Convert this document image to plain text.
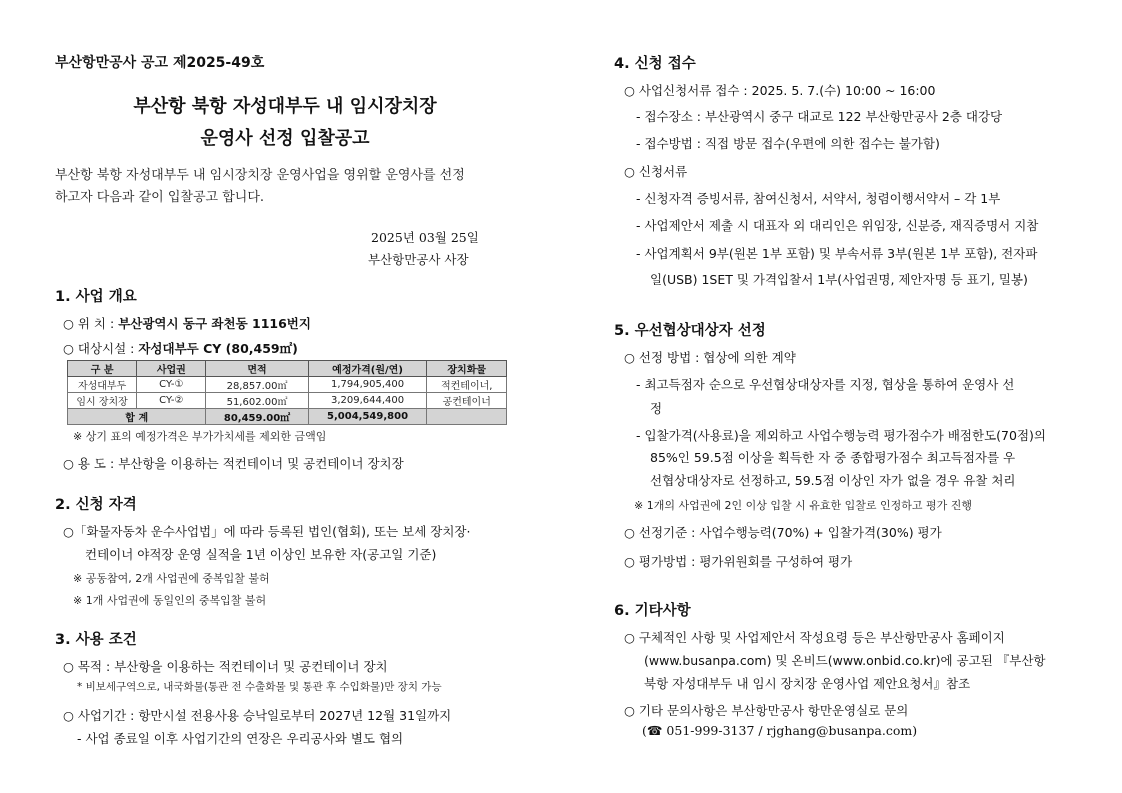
부산항만공사 공고 제2025-49호
부산항 북항 자성대부두 내 임시장치장
운영사 선정 입찰공고
부산항 북항 자성대부두 내 임시장치장 운영사업을 영위할 운영사를 선정
하고자 다음과 같이 입찰공고 합니다.
2025년 03월 25일
부산항만공사 사장
1. 사업 개요
○ 위 치 : 부산광역시 동구 좌천동 1116번지
○ 대상시설 : 자성대부두 CY (80,459㎡)
구 분	사업권	면적	예정가격(원/연)	장치화물
자성대부두	CY-①	28,857.00㎡	1,794,905,400	적컨테이너,
임시 장치장	CY-②	51,602.00㎡	3,209,644,400	공컨테이너
합 계		80,459.00㎡	5,004,549,800	
※ 상기 표의 예정가격은 부가가치세를 제외한 금액임
○ 용 도 : 부산항을 이용하는 적컨테이너 및 공컨테이너 장치장
2. 신청 자격
○「화물자동차 운수사업법」에 따라 등록된 법인(협회), 또는 보세 장치장·
컨테이너 야적장 운영 실적을 1년 이상인 보유한 자(공고일 기준)
※ 공동참여, 2개 사업권에 중복입찰 불허
※ 1개 사업권에 동일인의 중복입찰 불허
3. 사용 조건
○ 목적 : 부산항을 이용하는 적컨테이너 및 공컨테이너 장치
* 비보세구역으로, 내국화물(통관 전 수출화물 및 통관 후 수입화물)만 장치 가능
○ 사업기간 : 항만시설 전용사용 승낙일로부터 2027년 12월 31일까지
- 사업 종료일 이후 사업기간의 연장은 우리공사와 별도 협의
4. 신청 접수
○ 사업신청서류 접수 : 2025. 5. 7.(수) 10:00 ~ 16:00
- 접수장소 : 부산광역시 중구 대교로 122 부산항만공사 2층 대강당
- 접수방법 : 직접 방문 접수(우편에 의한 접수는 불가함)
○ 신청서류
- 신청자격 증빙서류, 참여신청서, 서약서, 청렴이행서약서 – 각 1부
- 사업제안서 제출 시 대표자 외 대리인은 위임장, 신분증, 재직증명서 지참
- 사업계획서 9부(원본 1부 포함) 및 부속서류 3부(원본 1부 포함), 전자파
일(USB) 1SET 및 가격입찰서 1부(사업권명, 제안자명 등 표기, 밀봉)
5. 우선협상대상자 선정
○ 선정 방법 : 협상에 의한 계약
- 최고득점자 순으로 우선협상대상자를 지정, 협상을 통하여 운영사 선
정
- 입찰가격(사용료)을 제외하고 사업수행능력 평가점수가 배점한도(70점)의
85%인 59.5점 이상을 획득한 자 중 종합평가점수 최고득점자를 우
선협상대상자로 선정하고, 59.5점 이상인 자가 없을 경우 유찰 처리
※ 1개의 사업권에 2인 이상 입찰 시 유효한 입찰로 인정하고 평가 진행
○ 선정기준 : 사업수행능력(70%) + 입찰가격(30%) 평가
○ 평가방법 : 평가위원회를 구성하여 평가
6. 기타사항
○ 구체적인 사항 및 사업제안서 작성요령 등은 부산항만공사 홈페이지
(www.busanpa.com) 및 온비드(www.onbid.co.kr)에 공고된 『부산항
북항 자성대부두 내 임시 장치장 운영사업 제안요청서』참조
○ 기타 문의사항은 부산항만공사 항만운영실로 문의
(☎ 051-999-3137 / rjghang@busanpa.com)
